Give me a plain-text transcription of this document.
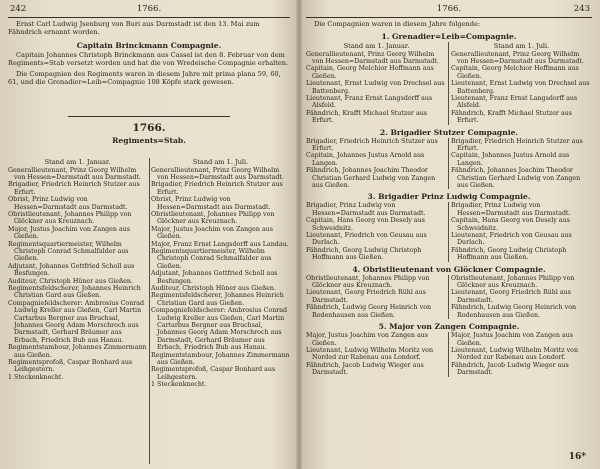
242	1766.

Ernst Carl Ludwig Jsenburg von Buri aus Darmstadt ist den 13. Mai zum Fähndrich ernannt worden.

Capitain Brinckmann Compagnie.

Capitain Johannes Christoph Brinckmann aus Cassel ist den 8. Februar von dem Regiments=Stab versetzt worden und hat die von Wredeische Compagnie erhalten.

Die Compagnien des Regiments waren in diesem Jahre mit prima plana 59, 60, 61, und die Grenadier=Leib=Compagnie 108 Köpfe stark gewesen.

1766.
Regiments=Stab.
Stand am 1. Januar.

Generallieutenant, Prinz Georg Wilhelm von Hessen=Darmstadt aus Darmstadt.

Brigadier, Friedrich Heinrich Stutzer aus Erfurt.

Obrist, Prinz Ludwig von Hessen=Darmstadt aus Darmstadt.

Obristlieutenant, Johannes Philipp von Glöckner aus Kreuznach.

Major, Justus Joachim von Zangen aus Gießen.

Regimentsquartiermeister, Wilhelm Christoph Conrad Schmalfalder aus Gießen.

Adjutant, Johannes Gottfried Scholl aus Besfungen.

Auditeur, Christoph Hüner aus Gießen.

Regimentsfeldscherer, Johannes Heinrich Christian Gard aus Gießen.

Compagniefeldscherer: Ambrosius Conrad Ludwig Kreller aus Gießen, Carl Martin Cartarbus Bergner aus Bruchsal, Johannes Georg Adam Morschroch aus Darmstadt, Gerhard Bräumer aus Erbach, Friedrich Bub aus Hanau.

Regimentstambour, Johannes Zimmermann aus Gießen.

Regimentsprofoß, Caspar Bonhard aus Leihgestern.

1 Steckenknecht.

Stand am 1. Juli.

Generallieutenant, Prinz Georg Wilhelm von Hessen=Darmstadt aus Darmstadt.

Brigadier, Friedrich Heinrich Stutzer aus Erfurt.

Obrist, Prinz Ludwig von Hessen=Darmstadt aus Darmstadt.

Obristlieutenant, Johannes Philipp von Glöckner aus Kreuznach.

Major, Justus Joachim von Zangen aus Gießen.

Major, Franz Ernst Langsdorff aus Landau.

Regimentsquartiermeister, Wilhelm Christoph Conrad Schmalfalder aus Gießen.

Adjutant, Johannes Gottfried Scholl aus Besfungen.

Auditeur, Christoph Hüner aus Gießen.

Regimentsfeldscherer, Johannes Heinrich Christian Gard aus Gießen.

Compagniefeldscherer: Ambrosius Conrad Ludwig Kreller aus Gießen, Carl Martin Cartarbus Bergner aus Bruchsal, Johannes Georg Adam Morschroch aus Darmstadt, Gerhard Bräumer aus Erbach, Friedrich Bub aus Hanau.

Regimentstambour, Johannes Zimmermann aus Gießen.

Regimentsprofoß, Caspar Bonhard aus Leihgestern.

1 Steckenknecht.

1766.	243

Die Compagnien waren in diesem Jahre folgende:

1. Grenadier=Leib=Compagnie.
Stand am 1. Januar.

Generallieutenant, Prinz Georg Wilhelm von Hessen=Darmstadt aus Darmstadt.

Capitain, Georg Melchior Hoffmann aus Gießen.

Lieutenant, Ernst Ludwig von Drechsel aus Battenberg.

Lieutenant, Franz Ernst Langsdorff aus Alsfeld.

Fähndrich, Krafft Michael Stutzer aus Erfurt.

Stand am 1. Juli.

Generallieutenant, Prinz Georg Wilhelm von Hessen=Darmstadt aus Darmstadt.

Capitain, Georg Melchior Hoffmann aus Gießen.

Lieutenant, Ernst Ludwig von Drechsel aus Battenberg.

Lieutenant, Franz Ernst Langsdorff aus Alsfeld.

Fähndrich, Krafft Michael Stutzer aus Erfurt.

2. Brigadier Stutzer Compagnie.

Brigadier, Friedrich Heinrich Stutzer aus Erfurt.

Capitain, Johannes Justus Arnold aus Langen.

Fähndrich, Johannes Joachim Theodor Christian Gerhard Ludwig von Zangen aus Gießen.

Brigadier, Friedrich Heinrich Stutzer aus Erfurt.

Capitain, Johannes Justus Arnold aus Langen.

Fähndrich, Johannes Joachim Theodor Christian Gerhard Ludwig von Zangen aus Gießen.

3. Brigadier Prinz Ludwig Compagnie.

Brigadier, Prinz Ludwig von Hessen=Darmstadt aus Darmstadt.

Capitain, Hans Georg von Desely aus Schweidnitz.

Lieutenant, Friedrich von Geusau aus Durlach.

Fähndrich, Georg Ludwig Christoph Hoffmann aus Gießen.

Brigadier, Prinz Ludwig von Hessen=Darmstadt aus Darmstadt.

Capitain, Hans Georg von Desely aus Schweidnitz.

Lieutenant, Friedrich von Geusau aus Durlach.

Fähndrich, Georg Ludwig Christoph Hoffmann aus Gießen.

4. Obristlieutenant von Glöckner Compagnie.

Obristlieutenant, Johannes Philipp von Glöckner aus Kreuznach.

Lieutenant, Georg Friedrich Rühl aus Darmstadt.

Fähndrich, Ludwig Georg Heinrich von Rodenhausen aus Gießen.

Obristlieutenant, Johannes Philipp von Glöckner aus Kreuznach.

Lieutenant, Georg Friedrich Rühl aus Darmstadt.

Fähndrich, Ludwig Georg Heinrich von Rodenhausen aus Gießen.

5. Major von Zangen Compagnie.

Major, Justus Joachim von Zangen aus Gießen.

Lieutenant, Ludwig Wilhelm Moritz von Norded zur Rabenau aus Londorf.

Fähndrich, Jacob Ludwig Wieger aus Darmstadt.

Major, Justus Joachim von Zangen aus Gießen.

Lieutenant, Ludwig Wilhelm Moritz von Norded zur Rabenau aus Londorf.

Fähndrich, Jacob Ludwig Wieger aus Darmstadt.

16*
